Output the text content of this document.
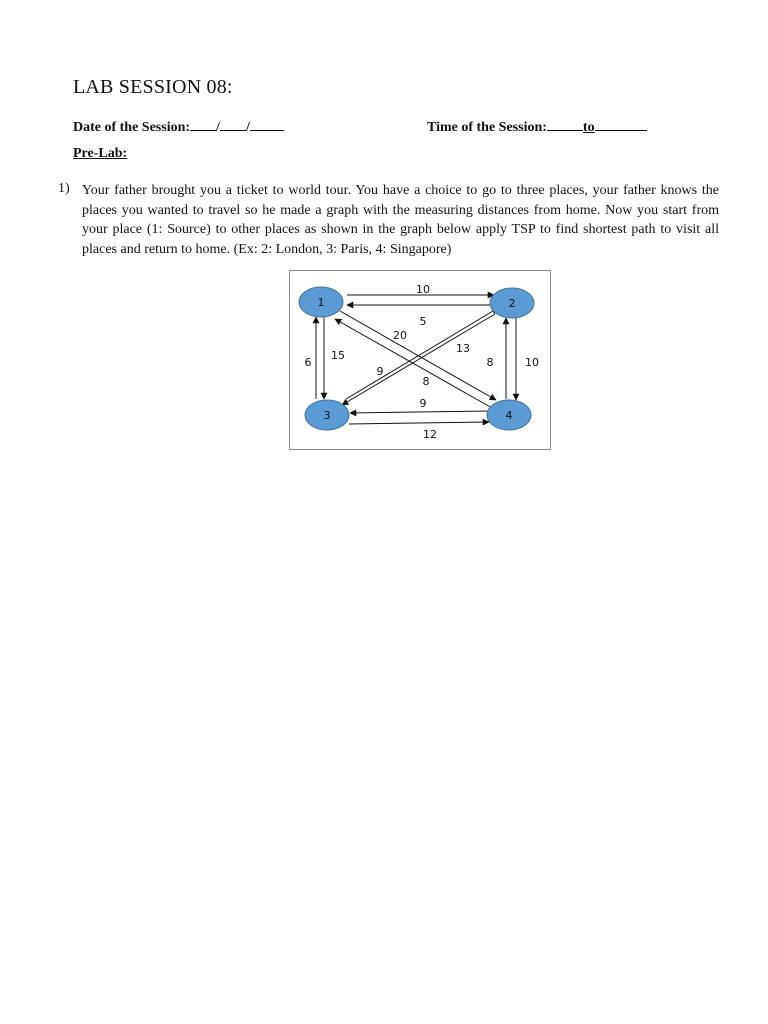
LAB SESSION 08:
Date of the Session: / /	Time of the Session:	to
Pre-Lab:
1) Your father brought you a ticket to world tour. You have a choice to go to three places, your father knows the places you wanted to travel so he made a graph with the measuring distances from home. Now you start from your place (1: Source) to other places as shown in the graph below apply TSP to find shortest path to visit all places and return to home. (Ex: 2: London, 3: Paris, 4: Singapore)
1	2
3	4
10
5
15
6
20
8
13
9
10
8
12
9
